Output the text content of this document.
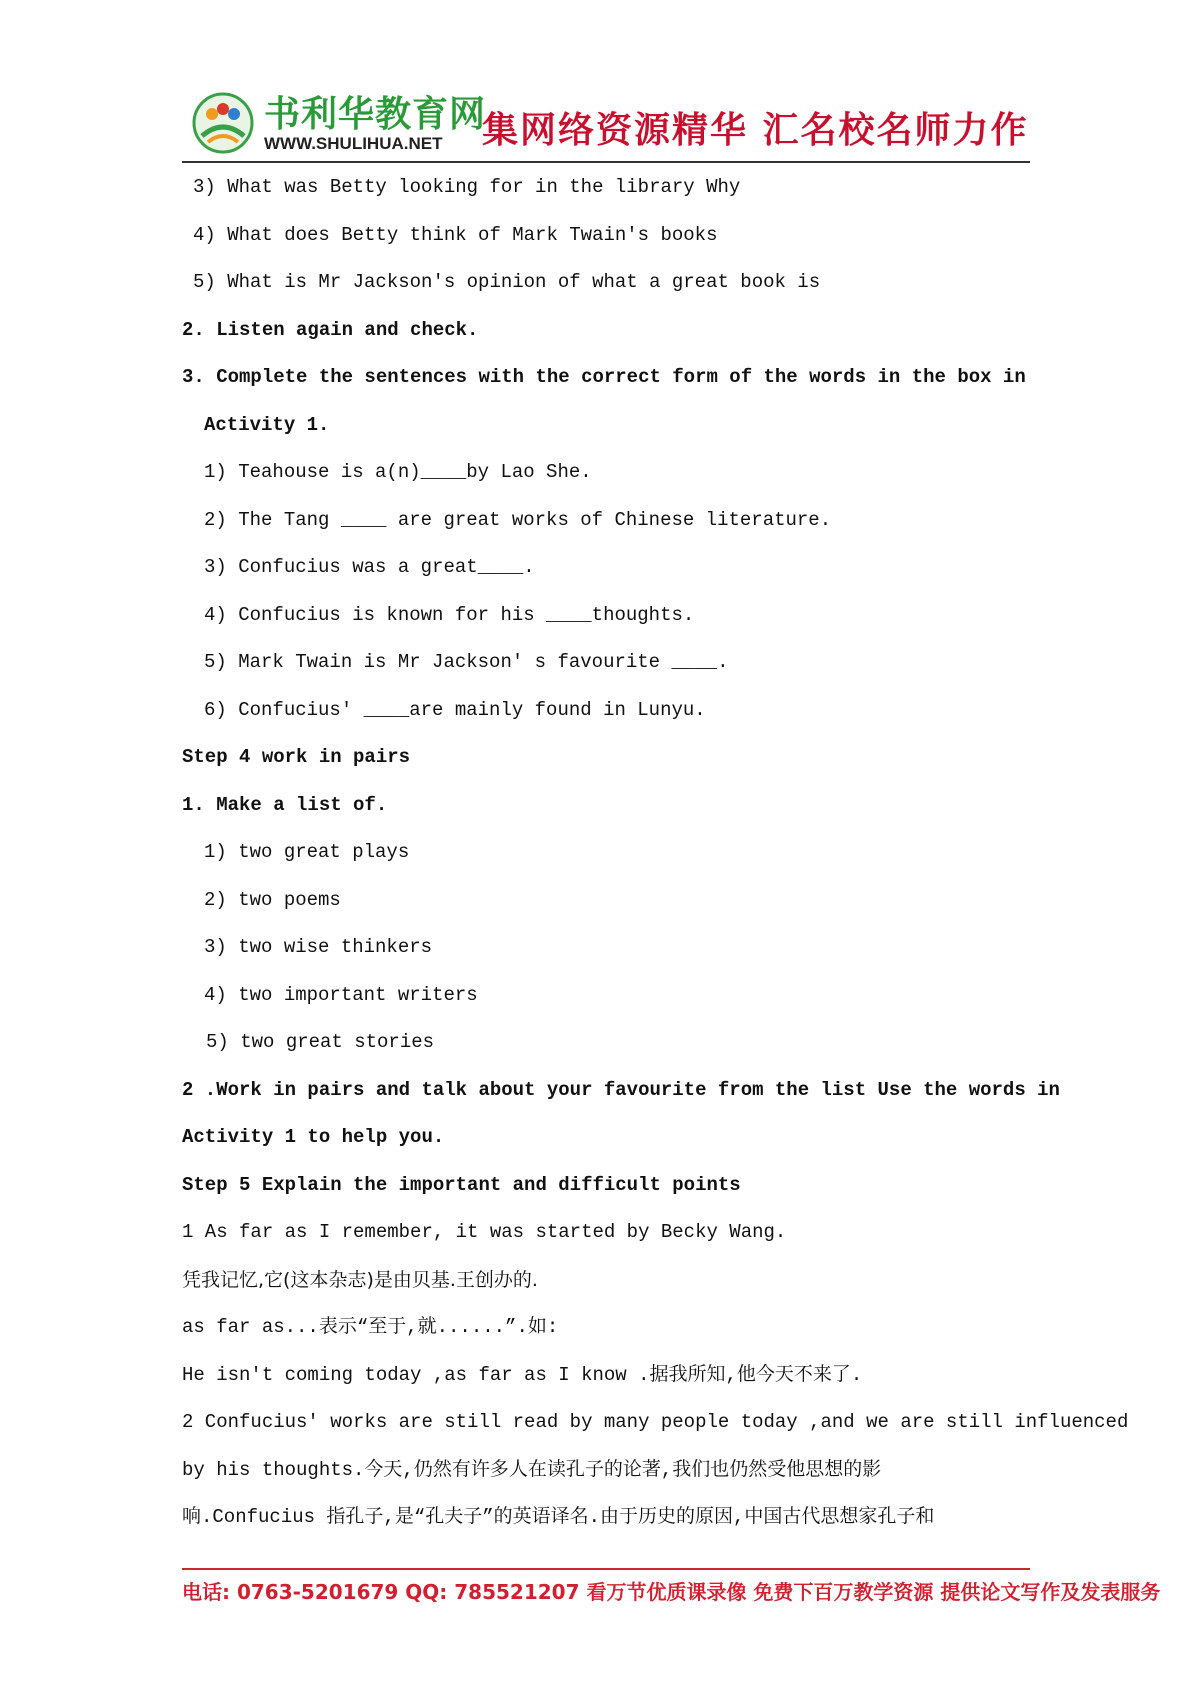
书利华教育网
WWW.SHULIHUA.NET 集网络资源精华 汇名校名师力作
3) What was Betty looking for in the library Why
4) What does Betty think of Mark Twain's books
5) What is Mr Jackson's opinion of what a great book is
2. Listen again and check.
3. Complete the sentences with the correct form of the words in the box in
Activity 1.
1) Teahouse is a(n)____by Lao She.
2) The Tang ____ are great works of Chinese literature.
3) Confucius was a great____.
4) Confucius is known for his ____thoughts.
5) Mark Twain is Mr Jackson' s favourite ____.
6) Confucius' ____are mainly found in Lunyu.
Step 4 work in pairs
1. Make a list of.
1) two great plays
2) two poems
3) two wise thinkers
4) two important writers
5) two great stories
2 .Work in pairs and talk about your favourite from the list Use the words in
Activity 1 to help you.
Step 5 Explain the important and difficult points
1 As far as I remember, it was started by Becky Wang.
凭我记忆,它(这本杂志)是由贝基.王创办的.
as far as...表示“至于,就......”.如:
He isn't coming today ,as far as I know .据我所知,他今天不来了.
2 Confucius' works are still read by many people today ,and we are still influenced
by his thoughts.今天,仍然有许多人在读孔子的论著,我们也仍然受他思想的影
响.Confucius 指孔子,是“孔夫子”的英语译名.由于历史的原因,中国古代思想家孔子和
电话: 0763-5201679 QQ: 785521207 看万节优质课录像 免费下百万教学资源 提供论文写作及发表服务
